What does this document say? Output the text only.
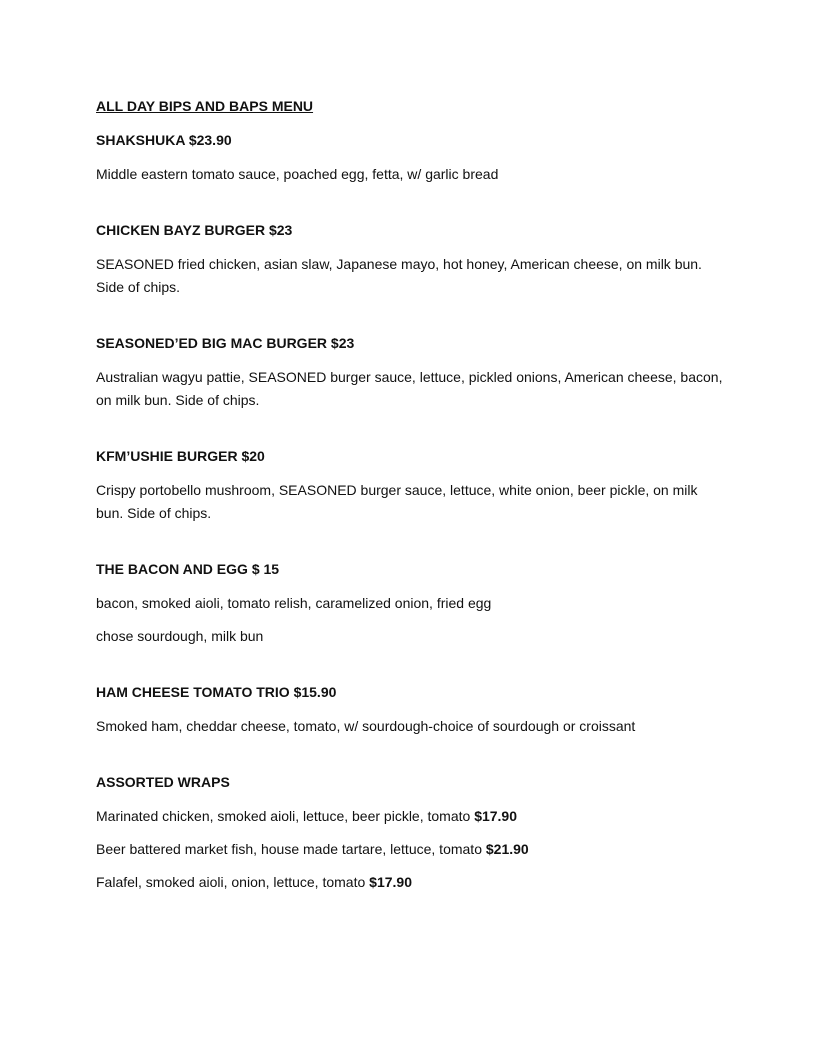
ALL DAY BIPS AND BAPS MENU

SHAKSHUKA $23.90

Middle eastern tomato sauce, poached egg, fetta, w/ garlic bread

CHICKEN BAYZ BURGER $23

SEASONED fried chicken, asian slaw, Japanese mayo, hot honey, American cheese, on milk bun. Side of chips.

SEASONED’ED BIG MAC BURGER $23

Australian wagyu pattie, SEASONED burger sauce, lettuce, pickled onions, American cheese, bacon, on milk bun. Side of chips.

KFM’USHIE BURGER $20

Crispy portobello mushroom, SEASONED burger sauce, lettuce, white onion, beer pickle, on milk bun. Side of chips.

THE BACON AND EGG $ 15

bacon, smoked aioli, tomato relish, caramelized onion, fried egg

chose sourdough, milk bun

HAM CHEESE TOMATO TRIO $15.90

Smoked ham, cheddar cheese, tomato, w/ sourdough-choice of sourdough or croissant

ASSORTED WRAPS

Marinated chicken, smoked aioli, lettuce, beer pickle, tomato $17.90

Beer battered market fish, house made tartare, lettuce, tomato $21.90

Falafel, smoked aioli, onion, lettuce, tomato $17.90
